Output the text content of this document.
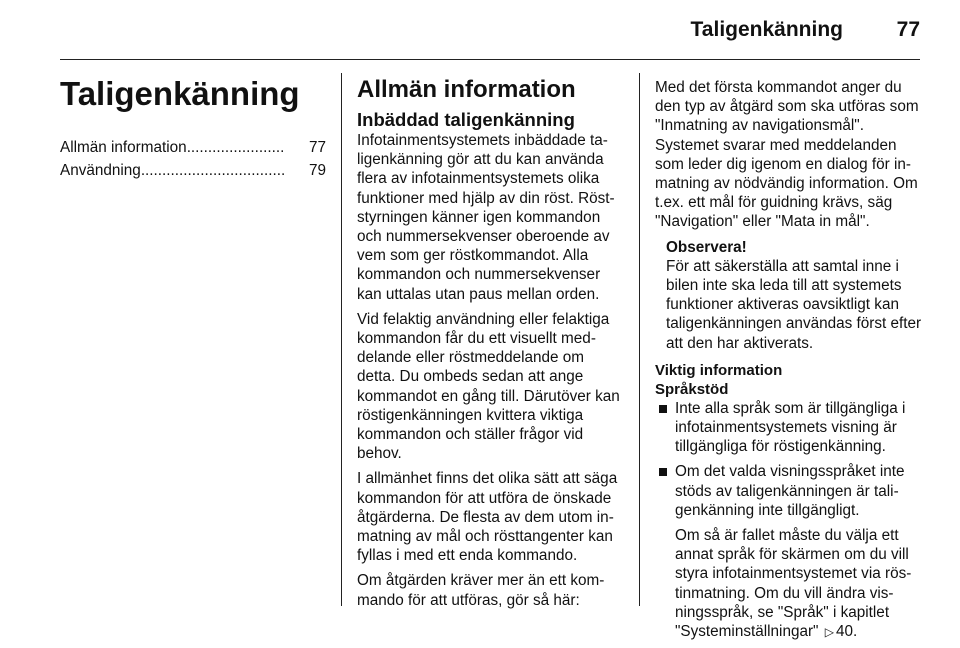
Taligenkänning	77
Taligenkänning
Allmän information .......................	77
Användning ..................................	79
Allmän information
Inbäddad taligenkänning

Infotainmentsystemets inbäddade taligenkänning gör att du kan använda flera av infotainmentsystemets olika funktioner med hjälp av din röst. Röststyrningen känner igen kommandon och nummersekvenser oberoende av vem som ger röstkommandot. Alla kommandon och nummersekvenser kan uttalas utan paus mellan orden.

Vid felaktig användning eller felaktiga kommandon får du ett visuellt meddelande eller röstmeddelande om detta. Du ombeds sedan att ange kommandot en gång till. Därutöver kan röstigenkänningen kvittera viktiga kommandon och ställer frågor vid behov.

I allmänhet finns det olika sätt att säga kommandon för att utföra de önskade åtgärderna. De flesta av dem utom inmatning av mål och rösttangenter kan fyllas i med ett enda kommando.

Om åtgärden kräver mer än ett kommando för att utföras, gör så här:

Med det första kommandot anger du den typ av åtgärd som ska utföras som "Inmatning av navigationsmål". Systemet svarar med meddelanden som leder dig igenom en dialog för inmatning av nödvändig information. Om t.ex. ett mål för guidning krävs, säg "Navigation" eller "Mata in mål".

Observera!
För att säkerställa att samtal inne i bilen inte ska leda till att systemets funktioner aktiveras oavsiktligt kan taligenkänningen användas först efter att den har aktiverats.
Viktig information
Språkstöd
Inte alla språk som är tillgängliga i infotainmentsystemets visning är tillgängliga för röstigenkänning.

Om det valda visningsspråket inte stöds av taligenkänningen är taligenkänning inte tillgängligt.

Om så är fallet måste du välja ett annat språk för skärmen om du vill styra infotainmentsystemet via röstinmatning. Om du vill ändra visningsspråk, se "Språk" i kapitlet "Systeminställningar" ▷ 40.
